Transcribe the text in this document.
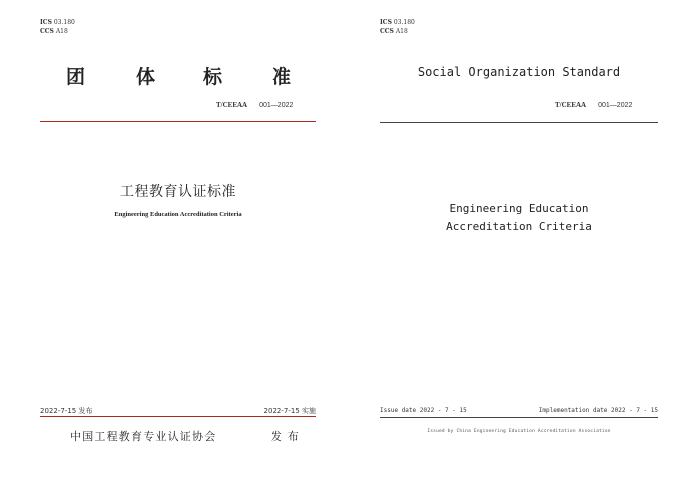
ICS 03.180
CCS A18
团	体	标	准
T/CEEAA 001—2022
工程教育认证标准
Engineering Education Accreditation Criteria
2022-7-15 发布	2022-7-15 实施
中国工程教育专业认证协会	发 布
ICS 03.180
CCS A18
Social Organization Standard
T/CEEAA 001—2022
Engineering Education
Accreditation Criteria
Issue date 2022 - 7 - 15	Implementation date 2022 - 7 - 15
Issued by China Engineering Education Accreditation Association
